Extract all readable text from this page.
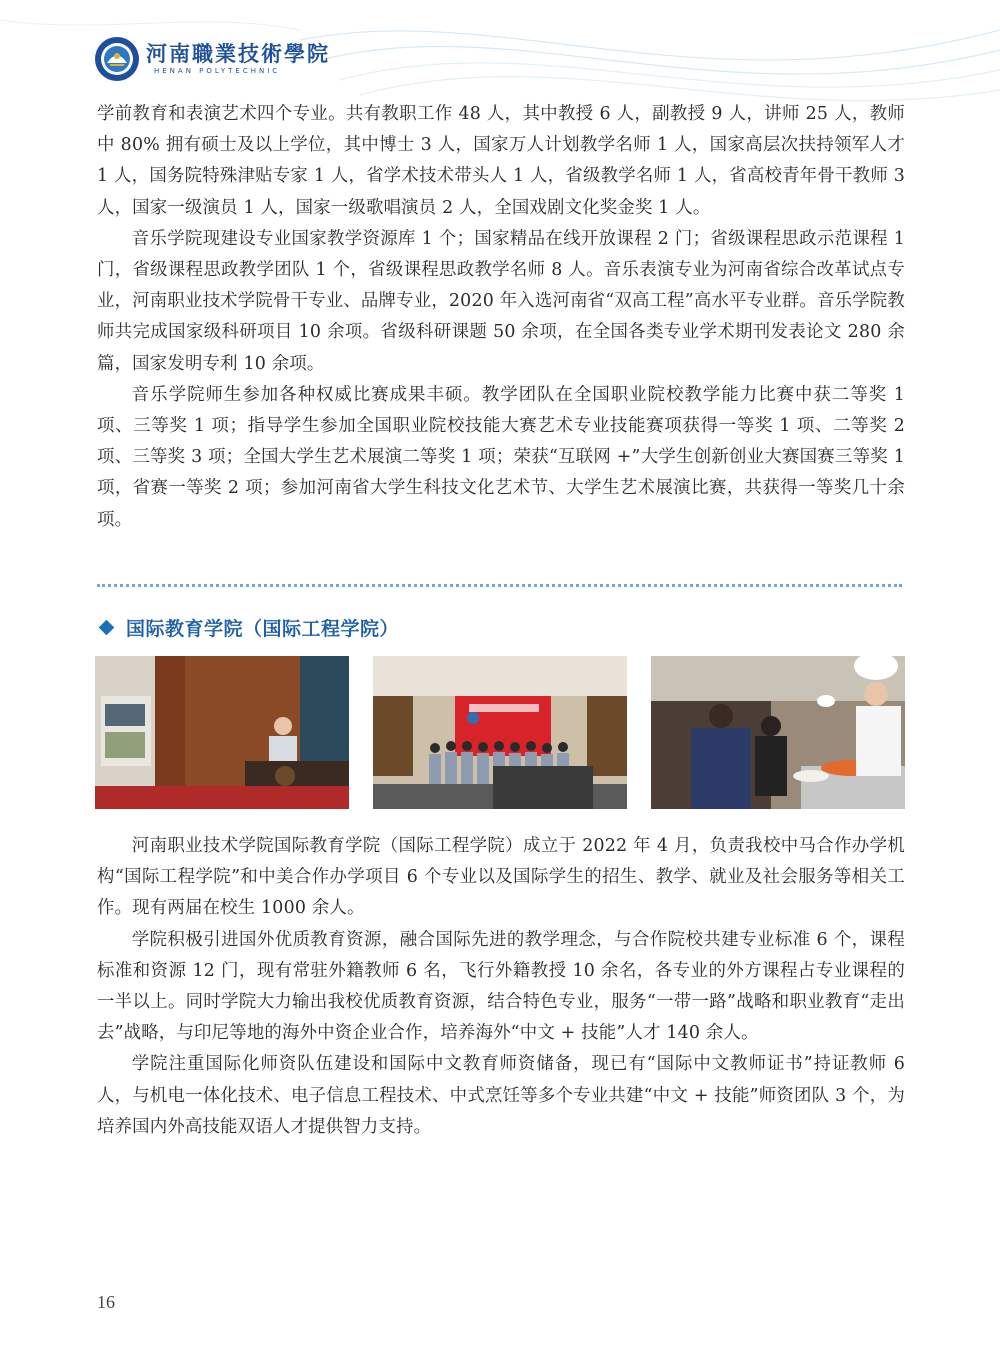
河南職業技術學院
HENAN POLYTECHNIC

学前教育和表演艺术四个专业。共有教职工作 48 人，其中教授 6 人，副教授 9 人，讲师 25 人，教师中 80% 拥有硕士及以上学位，其中博士 3 人，国家万人计划教学名师 1 人，国家高层次扶持领军人才 1 人，国务院特殊津贴专家 1 人，省学术技术带头人 1 人，省级教学名师 1 人，省高校青年骨干教师 3 人，国家一级演员 1 人，国家一级歌唱演员 2 人，全国戏剧文化奖金奖 1 人。

音乐学院现建设专业国家教学资源库 1 个；国家精品在线开放课程 2 门；省级课程思政示范课程 1 门，省级课程思政教学团队 1 个，省级课程思政教学名师 8 人。音乐表演专业为河南省综合改革试点专业，河南职业技术学院骨干专业、品牌专业，2020 年入选河南省“双高工程”高水平专业群。音乐学院教师共完成国家级科研项目 10 余项。省级科研课题 50 余项，在全国各类专业学术期刊发表论文 280 余篇，国家发明专利 10 余项。

音乐学院师生参加各种权威比赛成果丰硕。教学团队在全国职业院校教学能力比赛中获二等奖 1 项、三等奖 1 项；指导学生参加全国职业院校技能大赛艺术专业技能赛项获得一等奖 1 项、二等奖 2 项、三等奖 3 项；全国大学生艺术展演二等奖 1 项；荣获“互联网 +”大学生创新创业大赛国赛三等奖 1 项，省赛一等奖 2 项；参加河南省大学生科技文化艺术节、大学生艺术展演比赛，共获得一等奖几十余项。

国际教育学院（国际工程学院）

河南职业技术学院国际教育学院（国际工程学院）成立于 2022 年 4 月，负责我校中马合作办学机构“国际工程学院”和中美合作办学项目 6 个专业以及国际学生的招生、教学、就业及社会服务等相关工作。现有两届在校生 1000 余人。

学院积极引进国外优质教育资源，融合国际先进的教学理念，与合作院校共建专业标准 6 个，课程标准和资源 12 门，现有常驻外籍教师 6 名，飞行外籍教授 10 余名，各专业的外方课程占专业课程的一半以上。同时学院大力输出我校优质教育资源，结合特色专业，服务“一带一路”战略和职业教育“走出去”战略，与印尼等地的海外中资企业合作，培养海外“中文 + 技能”人才 140 余人。

学院注重国际化师资队伍建设和国际中文教育师资储备，现已有“国际中文教师证书”持证教师 6 人，与机电一体化技术、电子信息工程技术、中式烹饪等多个专业共建“中文 + 技能”师资团队 3 个，为培养国内外高技能双语人才提供智力支持。

16
